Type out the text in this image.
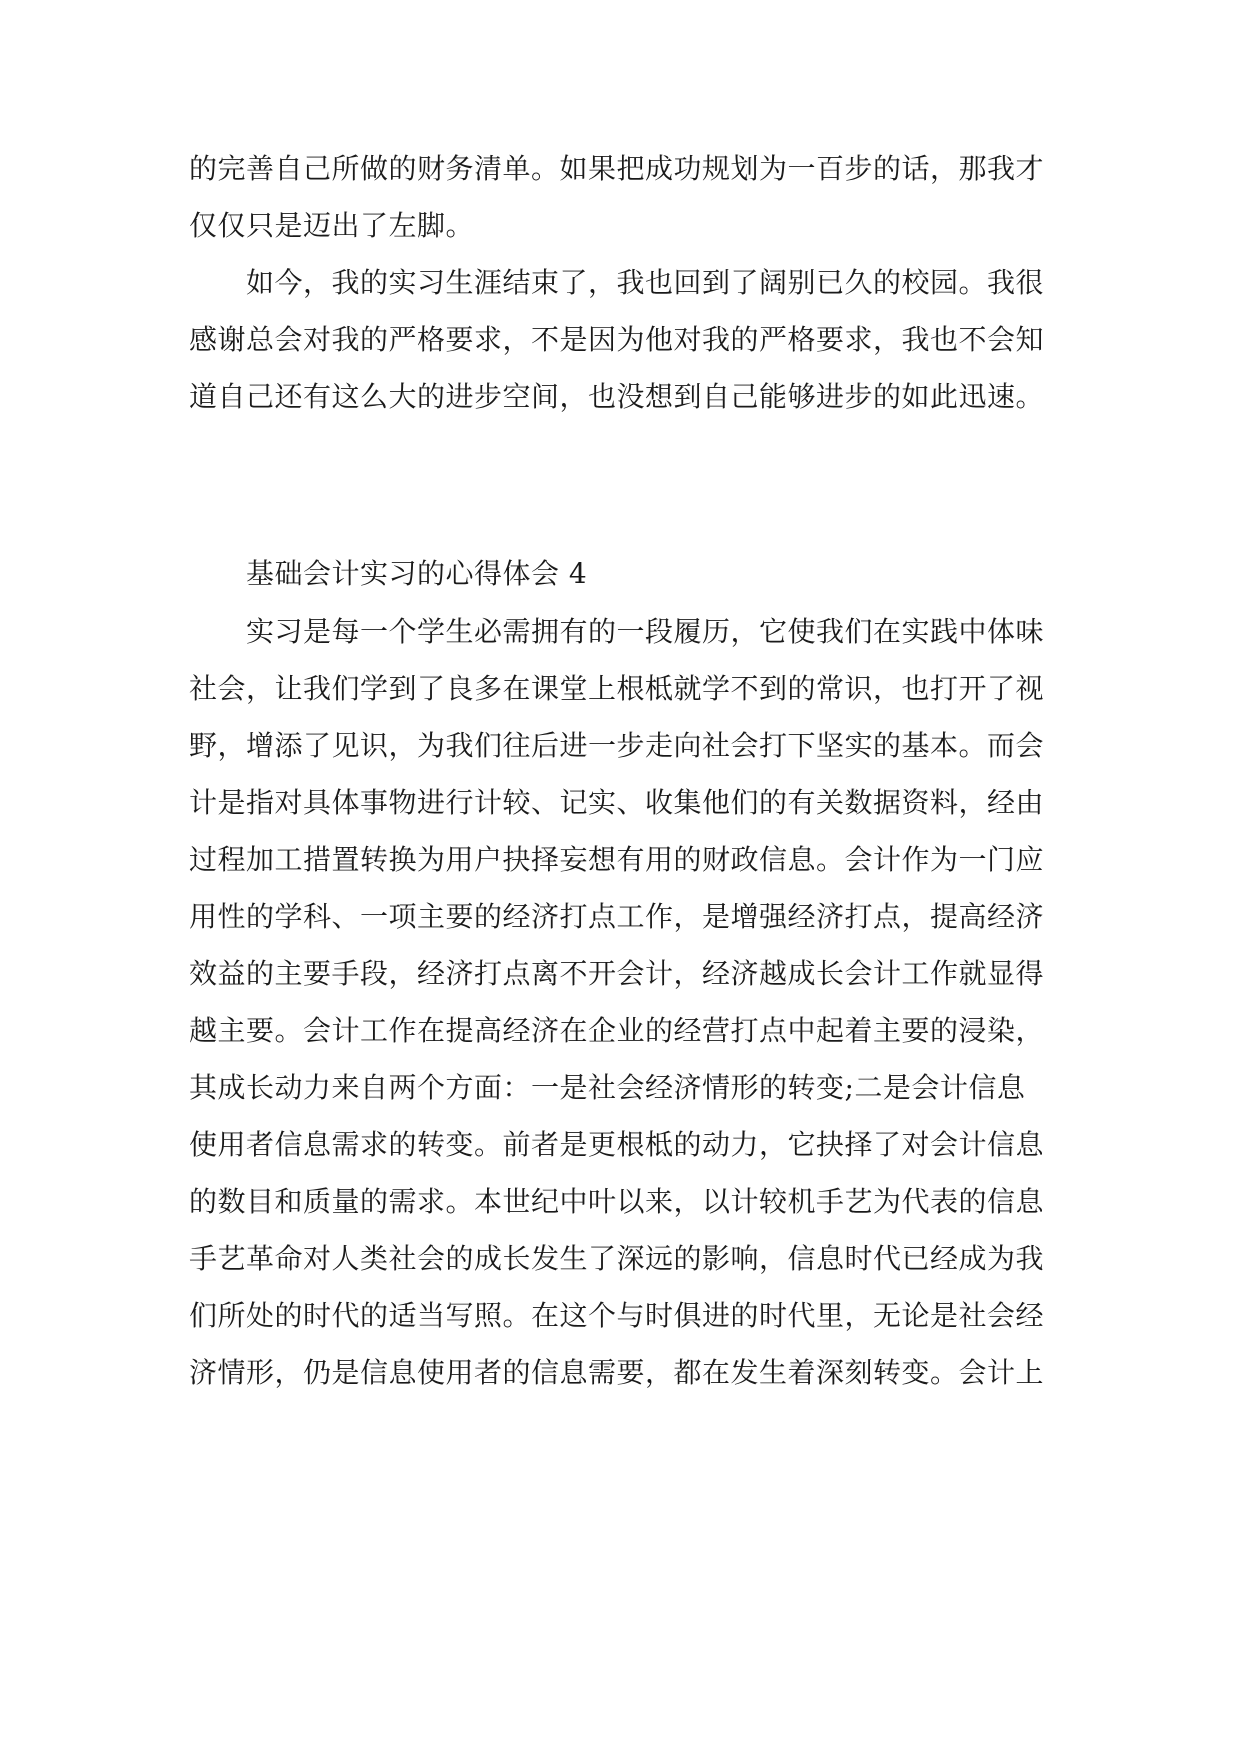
的完善自己所做的财务清单。如果把成功规划为一百步的话，那我才
仅仅只是迈出了左脚。
如今，我的实习生涯结束了，我也回到了阔别已久的校园。我很
感谢总会对我的严格要求，不是因为他对我的严格要求，我也不会知
道自己还有这么大的进步空间，也没想到自己能够进步的如此迅速。
基础会计实习的心得体会 4
实习是每一个学生必需拥有的一段履历，它使我们在实践中体味
社会，让我们学到了良多在课堂上根柢就学不到的常识，也打开了视
野，增添了见识，为我们往后进一步走向社会打下坚实的基本。而会
计是指对具体事物进行计较、记实、收集他们的有关数据资料，经由
过程加工措置转换为用户抉择妄想有用的财政信息。会计作为一门应
用性的学科、一项主要的经济打点工作，是增强经济打点，提高经济
效益的主要手段，经济打点离不开会计，经济越成长会计工作就显得
越主要。会计工作在提高经济在企业的经营打点中起着主要的浸染，
其成长动力来自两个方面：一是社会经济情形的转变;二是会计信息
使用者信息需求的转变。前者是更根柢的动力，它抉择了对会计信息
的数目和质量的需求。本世纪中叶以来，以计较机手艺为代表的信息
手艺革命对人类社会的成长发生了深远的影响，信息时代已经成为我
们所处的时代的适当写照。在这个与时俱进的时代里，无论是社会经
济情形，仍是信息使用者的信息需要，都在发生着深刻转变。会计上
